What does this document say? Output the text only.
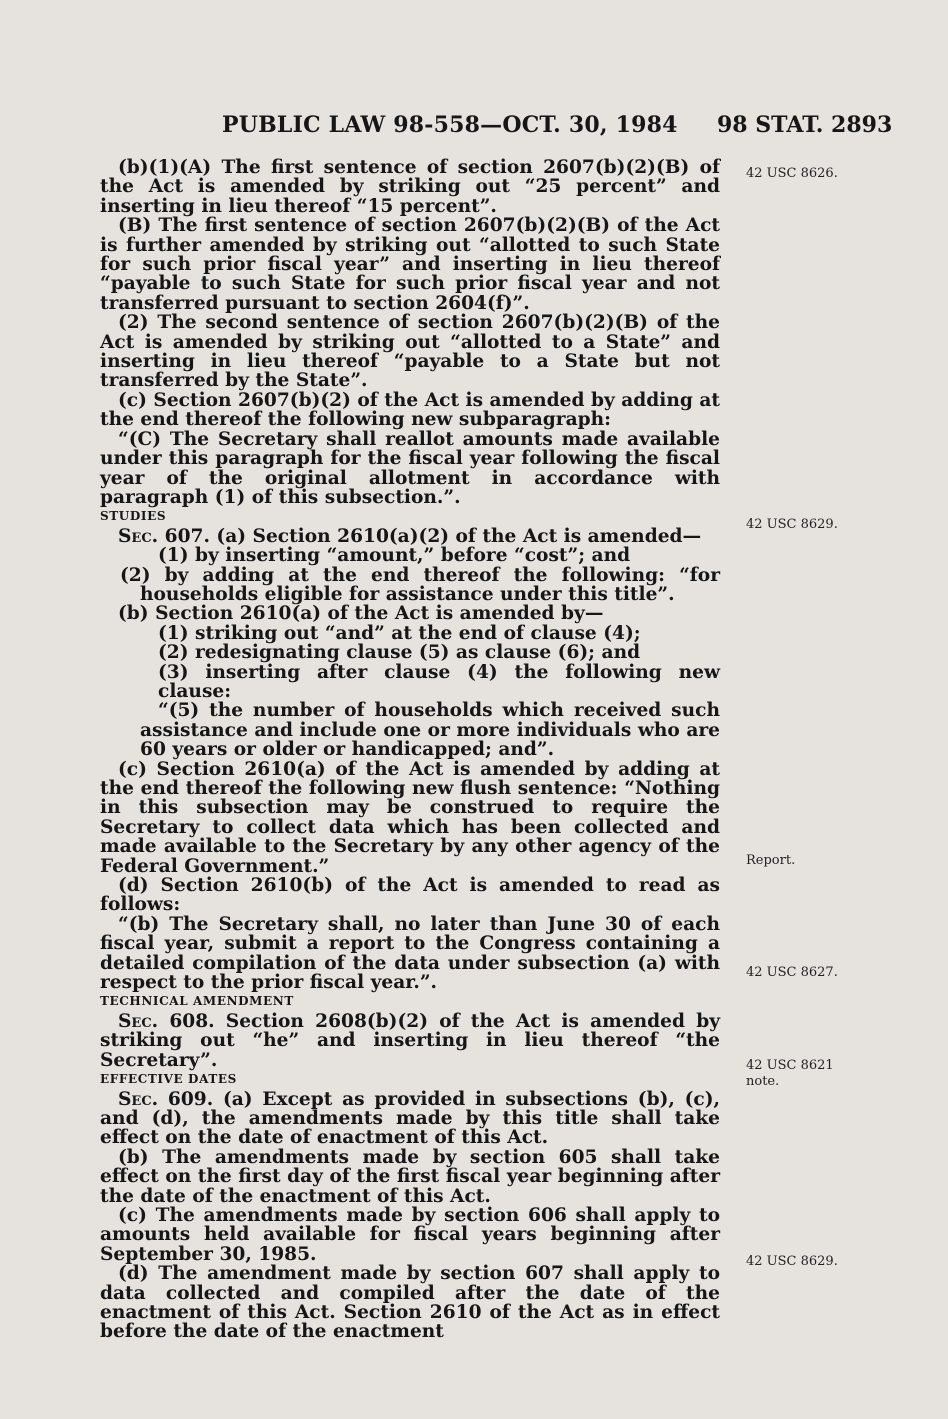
PUBLIC LAW 98-558—OCT. 30, 1984 98 STAT. 2893
42 USC 8626.
42 USC 8629.
Report.
42 USC 8627.
42 USC 8621
note.
42 USC 8629.

(b)(1)(A) The first sentence of section 2607(b)(2)(B) of the Act is amended by striking out “25 percent” and inserting in lieu thereof “15 percent”.

(B) The first sentence of section 2607(b)(2)(B) of the Act is further amended by striking out “allotted to such State for such prior fiscal year” and inserting in lieu thereof “payable to such State for such prior fiscal year and not transferred pursuant to section 2604(f)”.

(2) The second sentence of section 2607(b)(2)(B) of the Act is amended by striking out “allotted to a State” and inserting in lieu thereof “payable to a State but not transferred by the State”.

(c) Section 2607(b)(2) of the Act is amended by adding at the end thereof the following new subparagraph:

“(C) The Secretary shall reallot amounts made available under this paragraph for the fiscal year following the fiscal year of the original allotment in accordance with paragraph (1) of this subsection.”.

STUDIES

Sec. 607. (a) Section 2610(a)(2) of the Act is amended—

(1) by inserting “amount,” before “cost”; and

(2) by adding at the end thereof the following: “for households eligible for assistance under this title”.

(b) Section 2610(a) of the Act is amended by—

(1) striking out “and” at the end of clause (4);

(2) redesignating clause (5) as clause (6); and

(3) inserting after clause (4) the following new clause:

“(5) the number of households which received such assistance and include one or more individuals who are 60 years or older or handicapped; and”.

(c) Section 2610(a) of the Act is amended by adding at the end thereof the following new flush sentence: “Nothing in this subsection may be construed to require the Secretary to collect data which has been collected and made available to the Secretary by any other agency of the Federal Government.”

(d) Section 2610(b) of the Act is amended to read as follows:

“(b) The Secretary shall, no later than June 30 of each fiscal year, submit a report to the Congress containing a detailed compilation of the data under subsection (a) with respect to the prior fiscal year.”.

TECHNICAL AMENDMENT

Sec. 608. Section 2608(b)(2) of the Act is amended by striking out “he” and inserting in lieu thereof “the Secretary”.

EFFECTIVE DATES

Sec. 609. (a) Except as provided in subsections (b), (c), and (d), the amendments made by this title shall take effect on the date of enactment of this Act.

(b) The amendments made by section 605 shall take effect on the first day of the first fiscal year beginning after the date of the enactment of this Act.

(c) The amendments made by section 606 shall apply to amounts held available for fiscal years beginning after September 30, 1985.

(d) The amendment made by section 607 shall apply to data collected and compiled after the date of the enactment of this Act. Section 2610 of the Act as in effect before the date of the enactment
